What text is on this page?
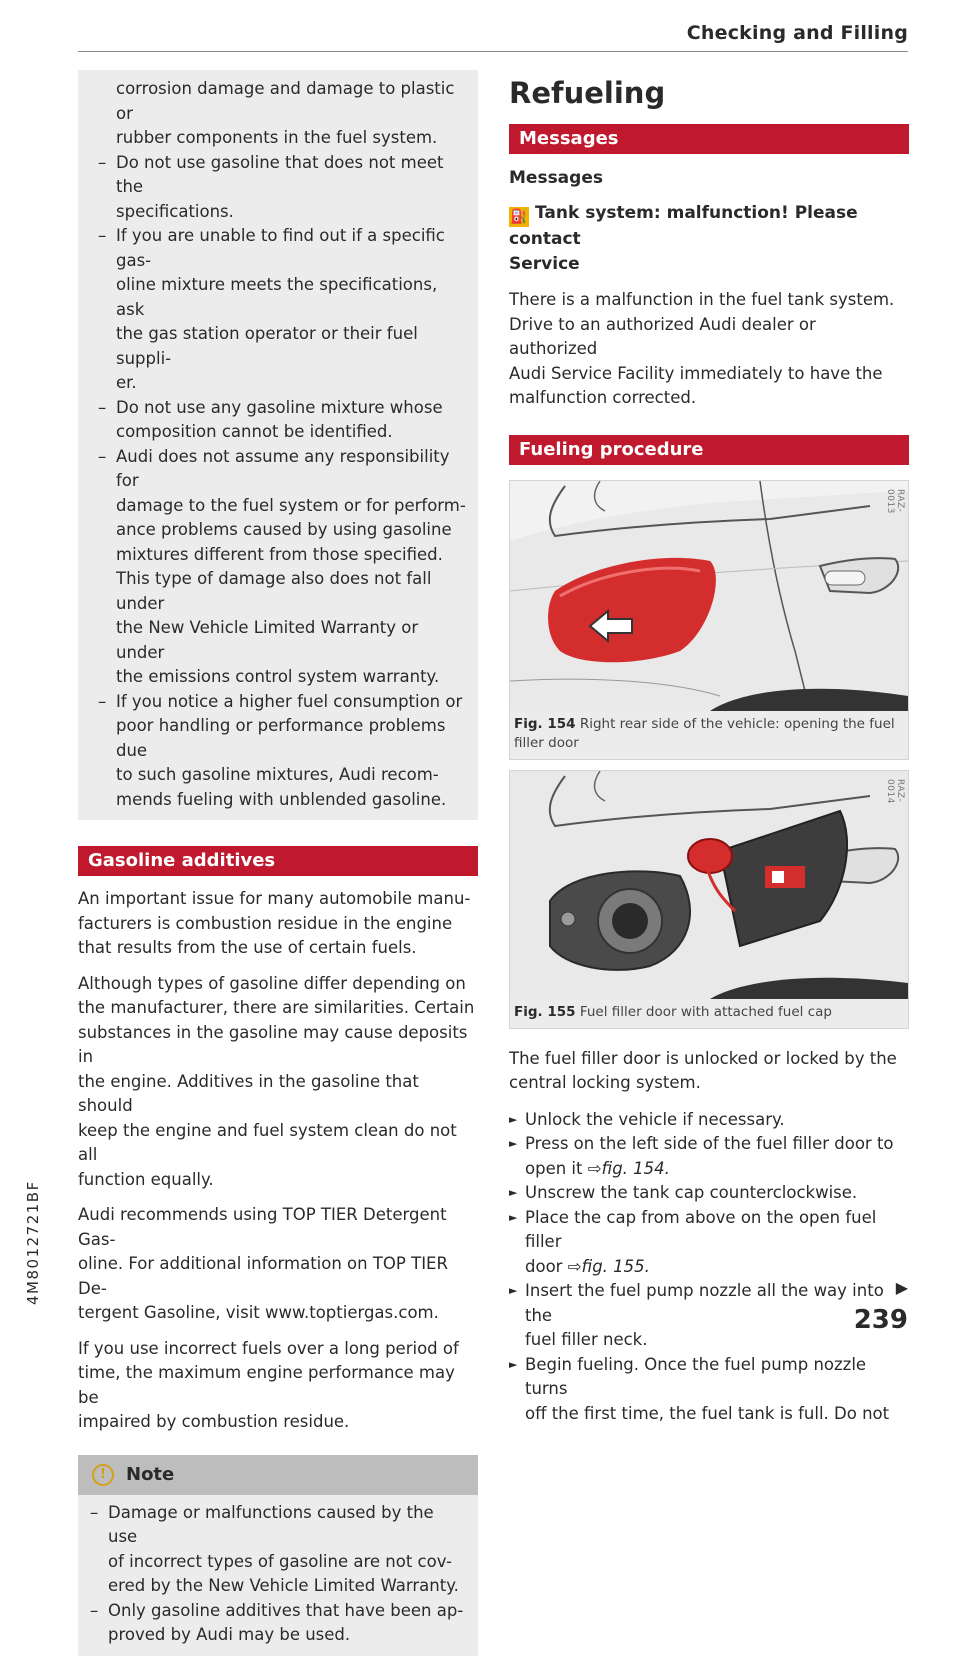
Checking and Filling
corrosion damage and damage to plastic or
rubber components in the fuel system.
– Do not use gasoline that does not meet the
specifications.
– If you are unable to find out if a specific gas-
oline mixture meets the specifications, ask
the gas station operator or their fuel suppli-
er.
– Do not use any gasoline mixture whose
composition cannot be identified.
– Audi does not assume any responsibility for
damage to the fuel system or for perform-
ance problems caused by using gasoline
mixtures different from those specified.
This type of damage also does not fall under
the New Vehicle Limited Warranty or under
the emissions control system warranty.
– If you notice a higher fuel consumption or
poor handling or performance problems due
to such gasoline mixtures, Audi recom-
mends fueling with unblended gasoline.
Gasoline additives
An important issue for many automobile manu-
facturers is combustion residue in the engine
that results from the use of certain fuels.
Although types of gasoline differ depending on
the manufacturer, there are similarities. Certain
substances in the gasoline may cause deposits in
the engine. Additives in the gasoline that should
keep the engine and fuel system clean do not all
function equally.
Audi recommends using TOP TIER Detergent Gas-
oline. For additional information on TOP TIER De-
tergent Gasoline, visit www.toptiergas.com.
If you use incorrect fuels over a long period of
time, the maximum engine performance may be
impaired by combustion residue.
!	Note
– Damage or malfunctions caused by the use
of incorrect types of gasoline are not cov-
ered by the New Vehicle Limited Warranty.
– Only gasoline additives that have been ap-
proved by Audi may be used.
Refueling
Messages
Messages
⛽ Tank system: malfunction! Please contact
Service
There is a malfunction in the fuel tank system.
Drive to an authorized Audi dealer or authorized
Audi Service Facility immediately to have the
malfunction corrected.
Fueling procedure
RAZ-0013
Fig. 154 Right rear side of the vehicle: opening the fuel
filler door
RAZ-0014
Fig. 155 Fuel filler door with attached fuel cap
The fuel filler door is unlocked or locked by the
central locking system.
► Unlock the vehicle if necessary.
► Press on the left side of the fuel filler door to
open it ⇨fig. 154.
► Unscrew the tank cap counterclockwise.
► Place the cap from above on the open fuel filler
door ⇨fig. 155.
► Insert the fuel pump nozzle all the way into the
fuel filler neck.
► Begin fueling. Once the fuel pump nozzle turns
off the first time, the fuel tank is full. Do not
▶
239
4M8012721BF
